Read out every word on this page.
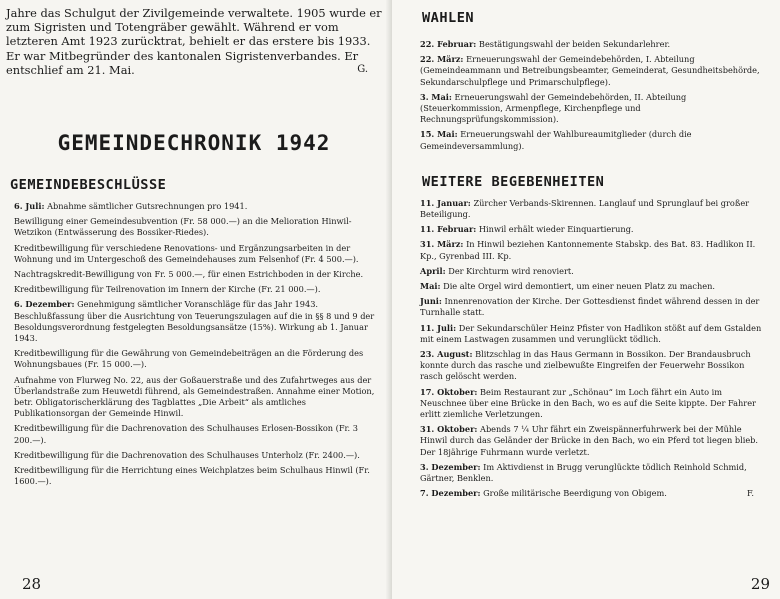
Jahre das Schulgut der Zivilgemeinde verwaltete. 1905 wurde er zum Sigristen und Totengräber gewählt. Während er vom letzteren Amt 1923 zurücktrat, behielt er das erstere bis 1933. Er war Mitbegründer des kantonalen Sigristenverbandes. Er entschlief am 21. Mai.	G.

GEMEINDECHRONIK 1942
GEMEINDEBESCHLÜSSE

6. Juli: Abnahme sämtlicher Gutsrechnungen pro 1941.

Bewilligung einer Gemeindesubvention (Fr. 58 000.—) an die Melioration Hinwil-Wetzikon (Entwässerung des Bossiker-Riedes).

Kreditbewilligung für verschiedene Renovations- und Ergänzungsarbeiten in der Wohnung und im Untergeschoß des Gemeindehauses zum Felsenhof (Fr. 4 500.—).

Nachtragskredit-Bewilligung von Fr. 5 000.—, für einen Estrichboden in der Kirche.

Kreditbewilligung für Teilrenovation im Innern der Kirche (Fr. 21 000.—).

6. Dezember: Genehmigung sämtlicher Voranschläge für das Jahr 1943. Beschlußfassung über die Ausrichtung von Teuerungszulagen auf die in §§ 8 und 9 der Besoldungsverordnung festgelegten Besoldungsansätze (15%). Wirkung ab 1. Januar 1943.

Kreditbewilligung für die Gewährung von Gemeindebeiträgen an die Förderung des Wohnungsbaues (Fr. 15 000.—).

Aufnahme von Flurweg No. 22, aus der Goßauerstraße und des Zufahrtweges aus der Überlandstraße zum Heuwetdi führend, als Gemeindestraßen. Annahme einer Motion, betr. Obligatorischerklärung des Tagblattes „Die Arbeit“ als amtliches Publikationsorgan der Gemeinde Hinwil.

Kreditbewilligung für die Dachrenovation des Schulhauses Erlosen-Bossikon (Fr. 3 200.—).

Kreditbewilligung für die Dachrenovation des Schulhauses Unterholz (Fr. 2400.—).

Kreditbewilligung für die Herrichtung eines Weichplatzes beim Schulhaus Hinwil (Fr. 1600.—).

28
WAHLEN

22. Februar: Bestätigungswahl der beiden Sekundarlehrer.

22. März: Erneuerungswahl der Gemeindebehörden, I. Abteilung (Gemeindeammann und Betreibungsbeamter, Gemeinderat, Gesundheitsbehörde, Sekundarschulpflege und Primarschulpflege).

3. Mai: Erneuerungswahl der Gemeindebehörden, II. Abteilung (Steuerkommission, Armenpflege, Kirchenpflege und Rechnungsprüfungskommission).

15. Mai: Erneuerungswahl der Wahlbureaumitglieder (durch die Gemeindeversammlung).

WEITERE BEGEBENHEITEN

11. Januar: Zürcher Verbands-Skirennen. Langlauf und Sprunglauf bei großer Beteiligung.

11. Februar: Hinwil erhält wieder Einquartierung.

31. März: In Hinwil beziehen Kantonnemente Stabskp. des Bat. 83. Hadlikon II. Kp., Gyrenbad III. Kp.

April: Der Kirchturm wird renoviert.

Mai: Die alte Orgel wird demontiert, um einer neuen Platz zu machen.

Juni: Innenrenovation der Kirche. Der Gottesdienst findet während dessen in der Turnhalle statt.

11. Juli: Der Sekundarschüler Heinz Pfister von Hadlikon stößt auf dem Gstalden mit einem Lastwagen zusammen und verunglückt tödlich.

23. August: Blitzschlag in das Haus Germann in Bossikon. Der Brandausbruch konnte durch das rasche und zielbewußte Eingreifen der Feuerwehr Bossikon rasch gelöscht werden.

17. Oktober: Beim Restaurant zur „Schönau“ im Loch fährt ein Auto im Neuschnee über eine Brücke in den Bach, wo es auf die Seite kippte. Der Fahrer erlitt ziemliche Verletzungen.

31. Oktober: Abends 7 ¼ Uhr fährt ein Zweispännerfuhrwerk bei der Mühle Hinwil durch das Geländer der Brücke in den Bach, wo ein Pferd tot liegen blieb. Der 18jährige Fuhrmann wurde verletzt.

3. Dezember: Im Aktivdienst in Brugg verunglückte tödlich Reinhold Schmid, Gärtner, Benklen.

7. Dezember: Große militärische Beerdigung von Obigem.	F.

29
